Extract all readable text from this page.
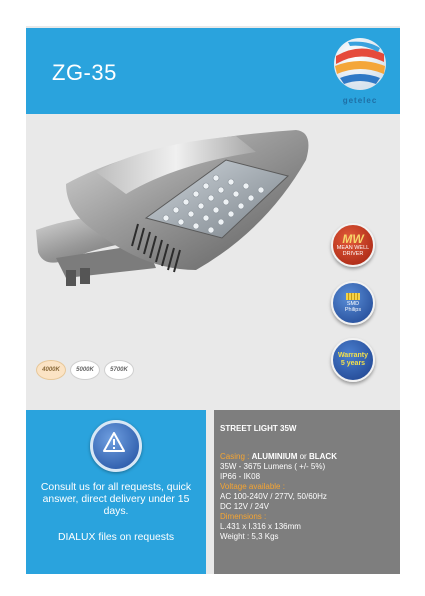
ZG-35
getelec
MW
MEAN WELL
DRIVER
SMD
Philips
Warranty
5 years
4000K	5000K	5700K
Consult us for all requests, quick answer, direct delivery under 15 days.
DIALUX files on requests
STREET LIGHT 35W
Casing : ALUMINIUM or BLACK
35W - 3675 Lumens ( +/- 5%)
IP66 - IK08
Voltage available :
AC 100-240V / 277V, 50/60Hz
DC 12V / 24V
Dimensions :
L.431 x l.316 x 136mm
Weight : 5,3 Kgs
